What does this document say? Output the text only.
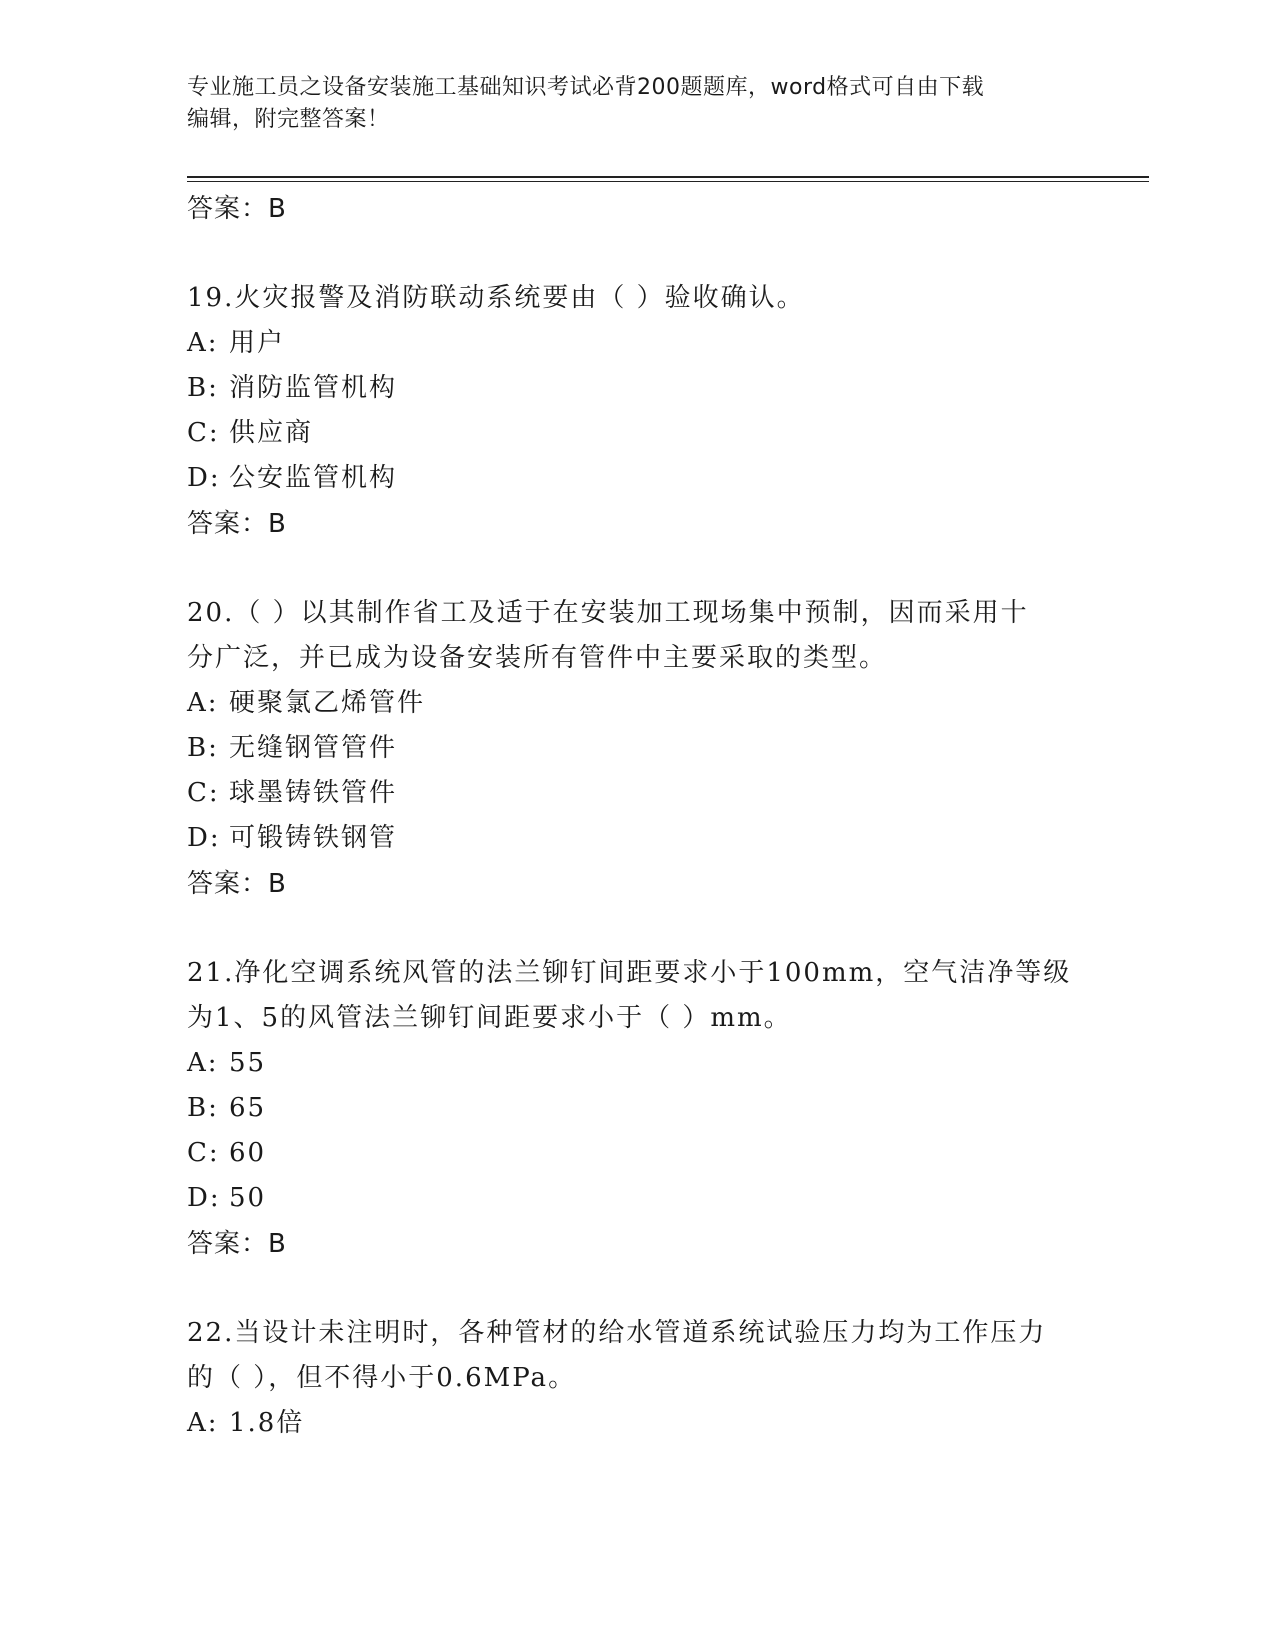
专业施工员之设备安装施工基础知识考试必背200题题库，word格式可自由下载
编辑，附完整答案！
答案：B
19.火灾报警及消防联动系统要由（ ）验收确认。
A: 用户
B: 消防监管机构
C: 供应商
D: 公安监管机构
答案：B
20.（ ）以其制作省工及适于在安装加工现场集中预制，因而采用十
分广泛，并已成为设备安装所有管件中主要采取的类型。
A: 硬聚氯乙烯管件
B: 无缝钢管管件
C: 球墨铸铁管件
D: 可锻铸铁钢管
答案：B
21.净化空调系统风管的法兰铆钉间距要求小于100mm，空气洁净等级
为1、5的风管法兰铆钉间距要求小于（ ）mm。
A: 55
B: 65
C: 60
D: 50
答案：B
22.当设计未注明时，各种管材的给水管道系统试验压力均为工作压力
的（ ），但不得小于0.6MPa。
A: 1.8倍
